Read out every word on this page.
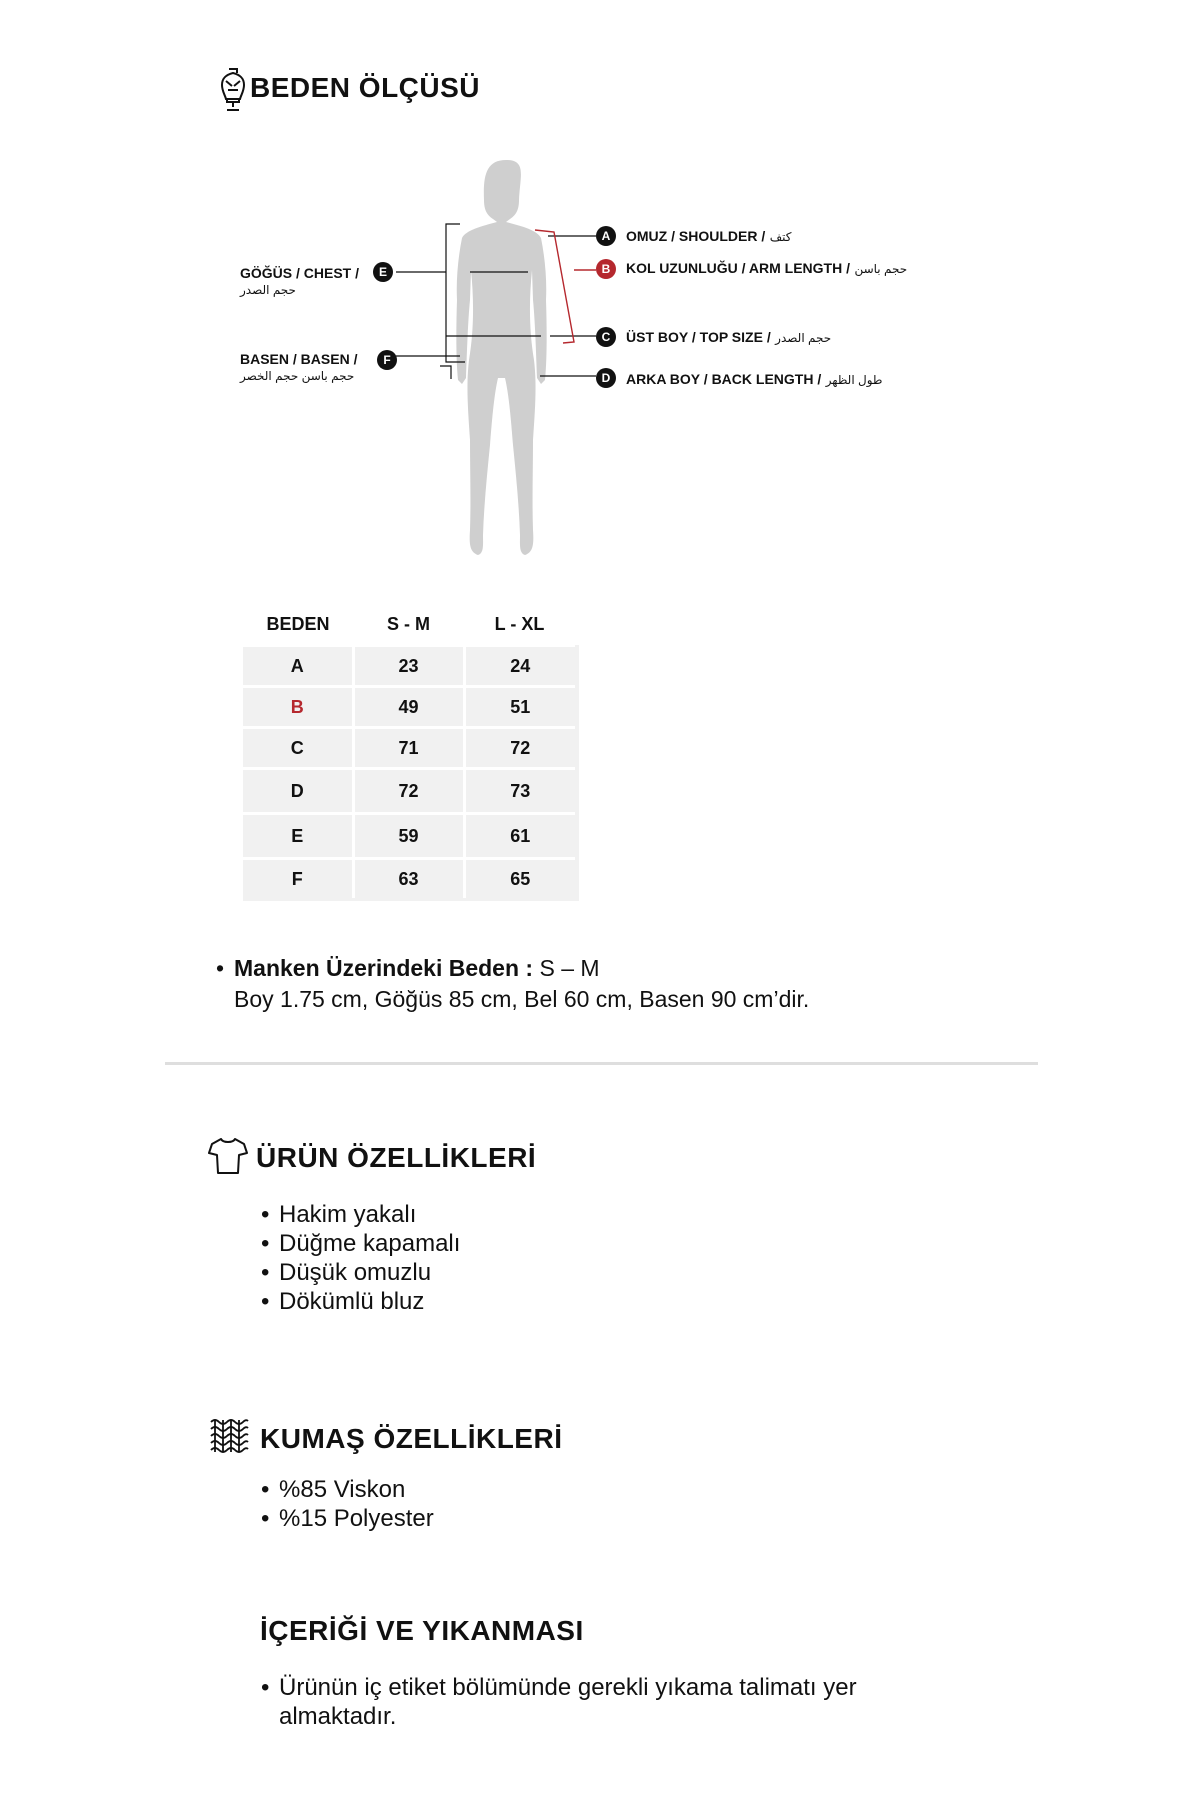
BEDEN ÖLÇÜSÜ
GÖĞÜS / CHEST /
حجم الصدر
E
BASEN / BASEN /
حجم باسن حجم الخصر
F
A	OMUZ / SHOULDER / كتف
B	KOL UZUNLUĞU / ARM LENGTH / حجم باسن
C	ÜST BOY / TOP SIZE / حجم الصدر
D	ARKA BOY / BACK LENGTH / طول الظهر
BEDEN	S - M	L - XL
A	23	24
B	49	51
C	71	72
D	72	73
E	59	61
F	63	65
• Manken Üzerindeki Beden : S – M
Boy 1.75 cm, Göğüs 85 cm, Bel 60 cm, Basen 90 cm’dir.
ÜRÜN ÖZELLİKLERİ
• Hakim yakalı
• Düğme kapamalı
• Düşük omuzlu
• Dökümlü bluz
KUMAŞ ÖZELLİKLERİ
• %85 Viskon
• %15 Polyester
İÇERİĞİ VE YIKANMASI
• Ürünün iç etiket bölümünde gerekli yıkama talimatı yer almaktadır.
